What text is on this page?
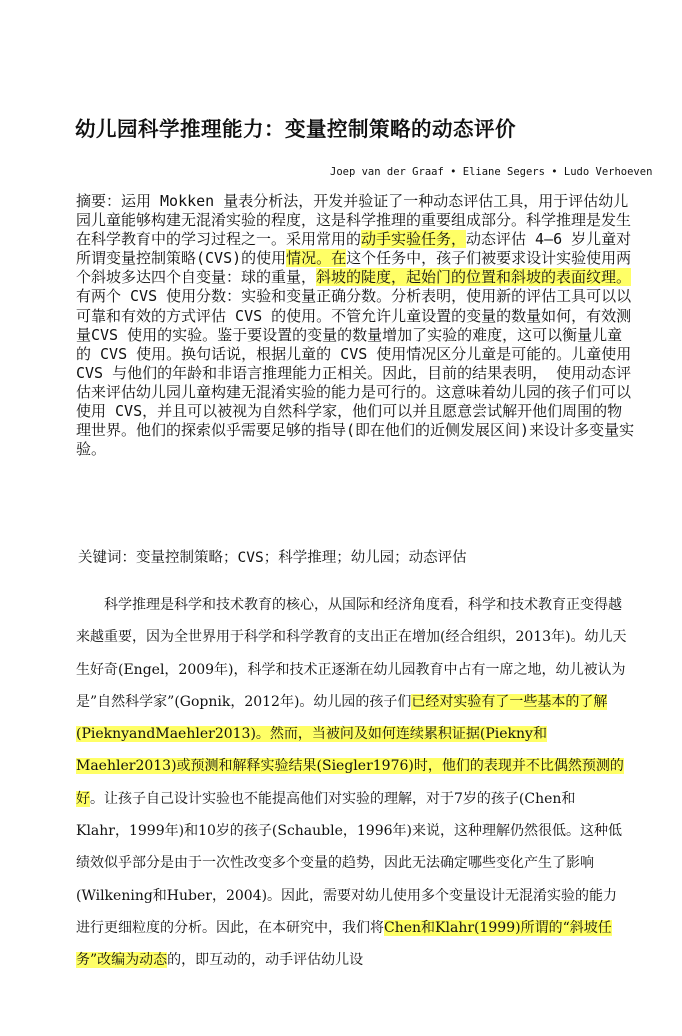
幼儿园科学推理能力：变量控制策略的动态评价
Joep van der Graaf • Eliane Segers • Ludo Verhoeven

摘要：运用 Mokken 量表分析法，开发并验证了一种动态评估工具，用于评估幼儿园儿童能够构建无混淆实验的程度，这是科学推理的重要组成部分。科学推理是发生在科学教育中的学习过程之一。采用常用的动手实验任务，动态评估 4—6 岁儿童对所谓变量控制策略(CVS)的使用情况。在这个任务中，孩子们被要求设计实验使用两个斜坡多达四个自变量：球的重量，斜坡的陡度，起始门的位置和斜坡的表面纹理。有两个 CVS 使用分数：实验和变量正确分数。分析表明，使用新的评估工具可以以可靠和有效的方式评估 CVS 的使用。不管允许儿童设置的变量的数量如何，有效测量CVS 使用的实验。鉴于要设置的变量的数量增加了实验的难度，这可以衡量儿童的 CVS 使用。换句话说，根据儿童的 CVS 使用情况区分儿童是可能的。儿童使用 CVS 与他们的年龄和非语言推理能力正相关。因此，目前的结果表明， 使用动态评估来评估幼儿园儿童构建无混淆实验的能力是可行的。这意味着幼儿园的孩子们可以使用 CVS，并且可以被视为自然科学家，他们可以并且愿意尝试解开他们周围的物理世界。他们的探索似乎需要足够的指导(即在他们的近侧发展区间)来设计多变量实验。

关键词：变量控制策略；CVS；科学推理；幼儿园；动态评估

科学推理是科学和技术教育的核心，从国际和经济角度看，科学和技术教育正变得越来越重要，因为全世界用于科学和科学教育的支出正在增加(经合组织，2013年)。幼儿天生好奇(Engel，2009年)，科学和技术正逐渐在幼儿园教育中占有一席之地，幼儿被认为是”自然科学家”(Gopnik，2012年)。幼儿园的孩子们已经对实验有了一些基本的了解(PieknyandMaehler2013)。然而，当被问及如何连续累积证据(Piekny和Maehler2013)或预测和解释实验结果(Siegler1976)时，他们的表现并不比偶然预测的好。让孩子自己设计实验也不能提高他们对实验的理解，对于7岁的孩子(Chen和Klahr，1999年)和10岁的孩子(Schauble，1996年)来说，这种理解仍然很低。这种低绩效似乎部分是由于一次性改变多个变量的趋势，因此无法确定哪些变化产生了影响(Wilkening和Huber，2004)。因此，需要对幼儿使用多个变量设计无混淆实验的能力进行更细粒度的分析。因此，在本研究中，我们将Chen和Klahr(1999)所谓的“斜坡任务”改编为动态的，即互动的，动手评估幼儿设
